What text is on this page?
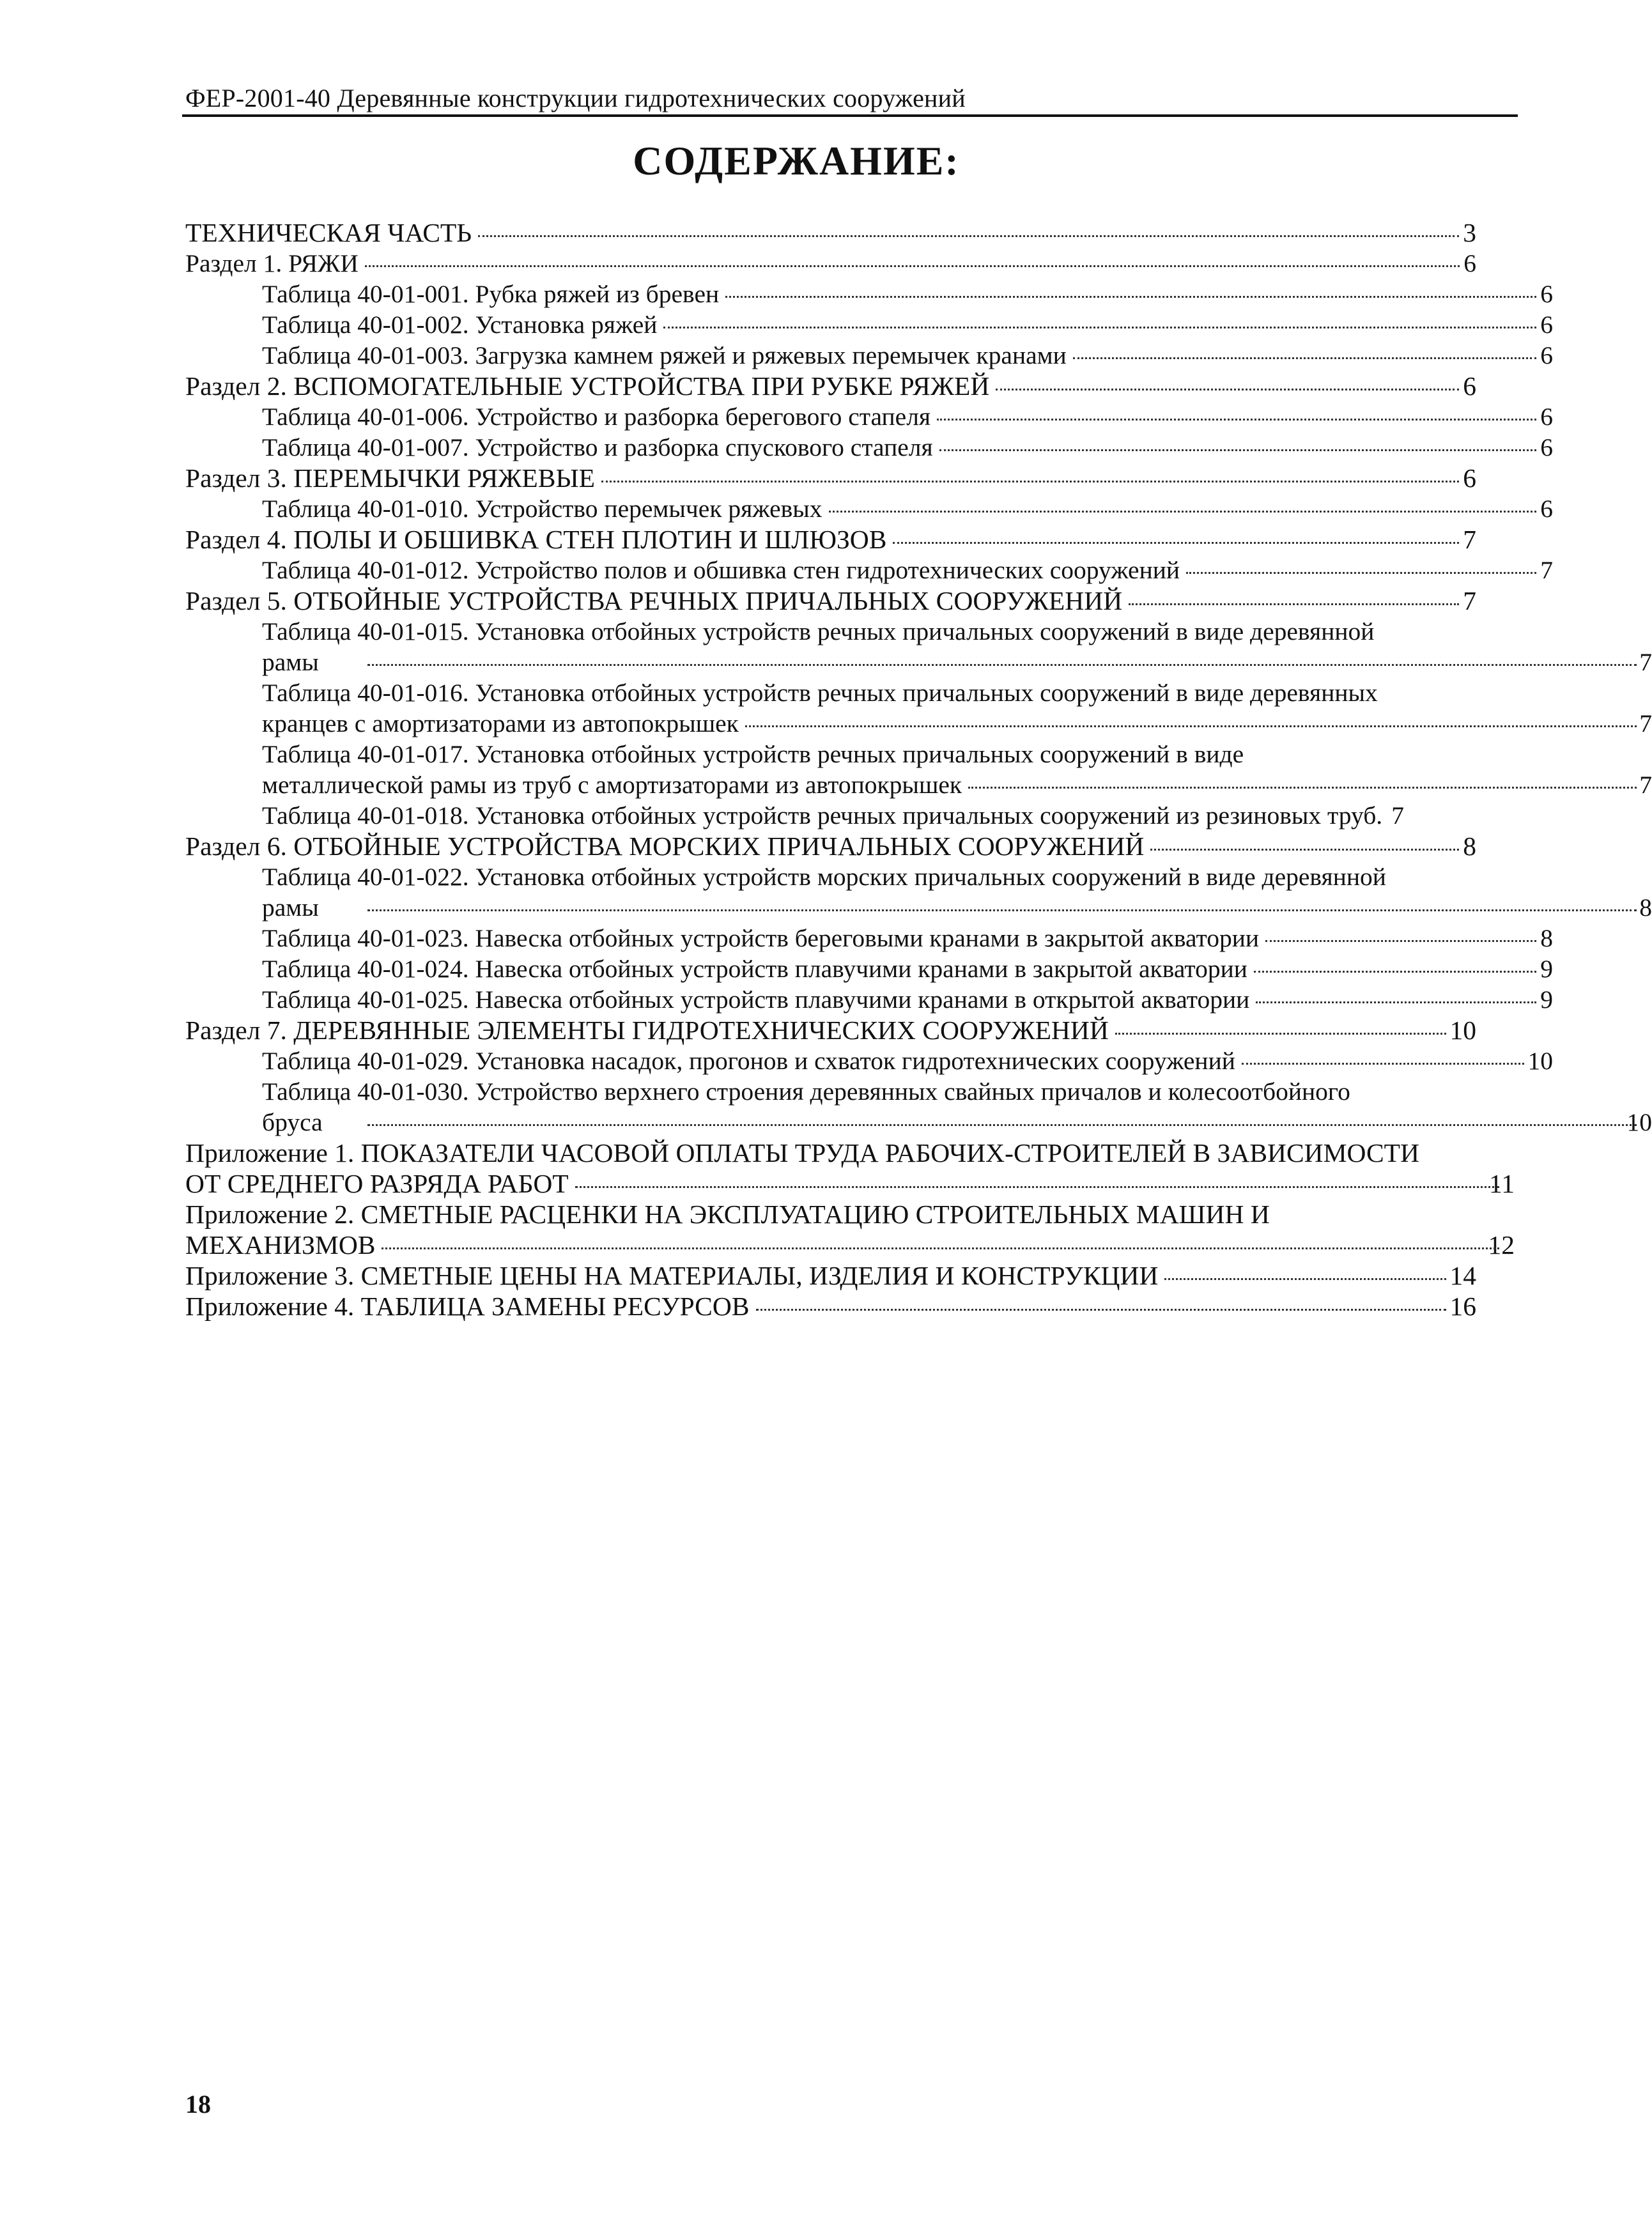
ФЕР-2001-40 Деревянные конструкции гидротехнических сооружений
СОДЕРЖАНИЕ:
ТЕХНИЧЕСКАЯ ЧАСТЬ	3
Раздел 1. РЯЖИ	6
Таблица 40-01-001. Рубка ряжей из бревен	6
Таблица 40-01-002. Установка ряжей	6
Таблица 40-01-003. Загрузка камнем ряжей и ряжевых перемычек кранами	6
Раздел 2. ВСПОМОГАТЕЛЬНЫЕ УСТРОЙСТВА ПРИ РУБКЕ РЯЖЕЙ	6
Таблица 40-01-006. Устройство и разборка берегового стапеля	6
Таблица 40-01-007. Устройство и разборка спускового стапеля	6
Раздел 3. ПЕРЕМЫЧКИ РЯЖЕВЫЕ	6
Таблица 40-01-010. Устройство перемычек ряжевых	6
Раздел 4. ПОЛЫ И ОБШИВКА СТЕН ПЛОТИН И ШЛЮЗОВ	7
Таблица 40-01-012. Устройство полов и обшивка стен гидротехнических сооружений	7
Раздел 5. ОТБОЙНЫЕ УСТРОЙСТВА РЕЧНЫХ ПРИЧАЛЬНЫХ СООРУЖЕНИЙ	7
Таблица 40-01-015. Установка отбойных устройств речных причальных сооружений в виде деревянной
рамы	7
Таблица 40-01-016. Установка отбойных устройств речных причальных сооружений в виде деревянных
кранцев с амортизаторами из автопокрышек	7
Таблица 40-01-017. Установка отбойных устройств речных причальных сооружений в виде
металлической рамы из труб с амортизаторами из автопокрышек	7
Таблица 40-01-018. Установка отбойных устройств речных причальных сооружений из резиновых труб. 7
Раздел 6. ОТБОЙНЫЕ УСТРОЙСТВА МОРСКИХ ПРИЧАЛЬНЫХ СООРУЖЕНИЙ	8
Таблица 40-01-022. Установка отбойных устройств морских причальных сооружений в виде деревянной
рамы	8
Таблица 40-01-023. Навеска отбойных устройств береговыми кранами в закрытой акватории	8
Таблица 40-01-024. Навеска отбойных устройств плавучими кранами в закрытой акватории	9
Таблица 40-01-025. Навеска отбойных устройств плавучими кранами в открытой акватории	9
Раздел 7. ДЕРЕВЯННЫЕ ЭЛЕМЕНТЫ ГИДРОТЕХНИЧЕСКИХ СООРУЖЕНИЙ	10
Таблица 40-01-029. Установка насадок, прогонов и схваток гидротехнических сооружений	10
Таблица 40-01-030. Устройство верхнего строения деревянных свайных причалов и колесоотбойного
бруса	10
Приложение 1. ПОКАЗАТЕЛИ ЧАСОВОЙ ОПЛАТЫ ТРУДА РАБОЧИХ-СТРОИТЕЛЕЙ В ЗАВИСИМОСТИ
ОТ СРЕДНЕГО РАЗРЯДА РАБОТ	11
Приложение 2. СМЕТНЫЕ РАСЦЕНКИ НА ЭКСПЛУАТАЦИЮ СТРОИТЕЛЬНЫХ МАШИН И
МЕХАНИЗМОВ	12
Приложение 3. СМЕТНЫЕ ЦЕНЫ НА МАТЕРИАЛЫ, ИЗДЕЛИЯ И КОНСТРУКЦИИ	14
Приложение 4. ТАБЛИЦА ЗАМЕНЫ РЕСУРСОВ	16
18
